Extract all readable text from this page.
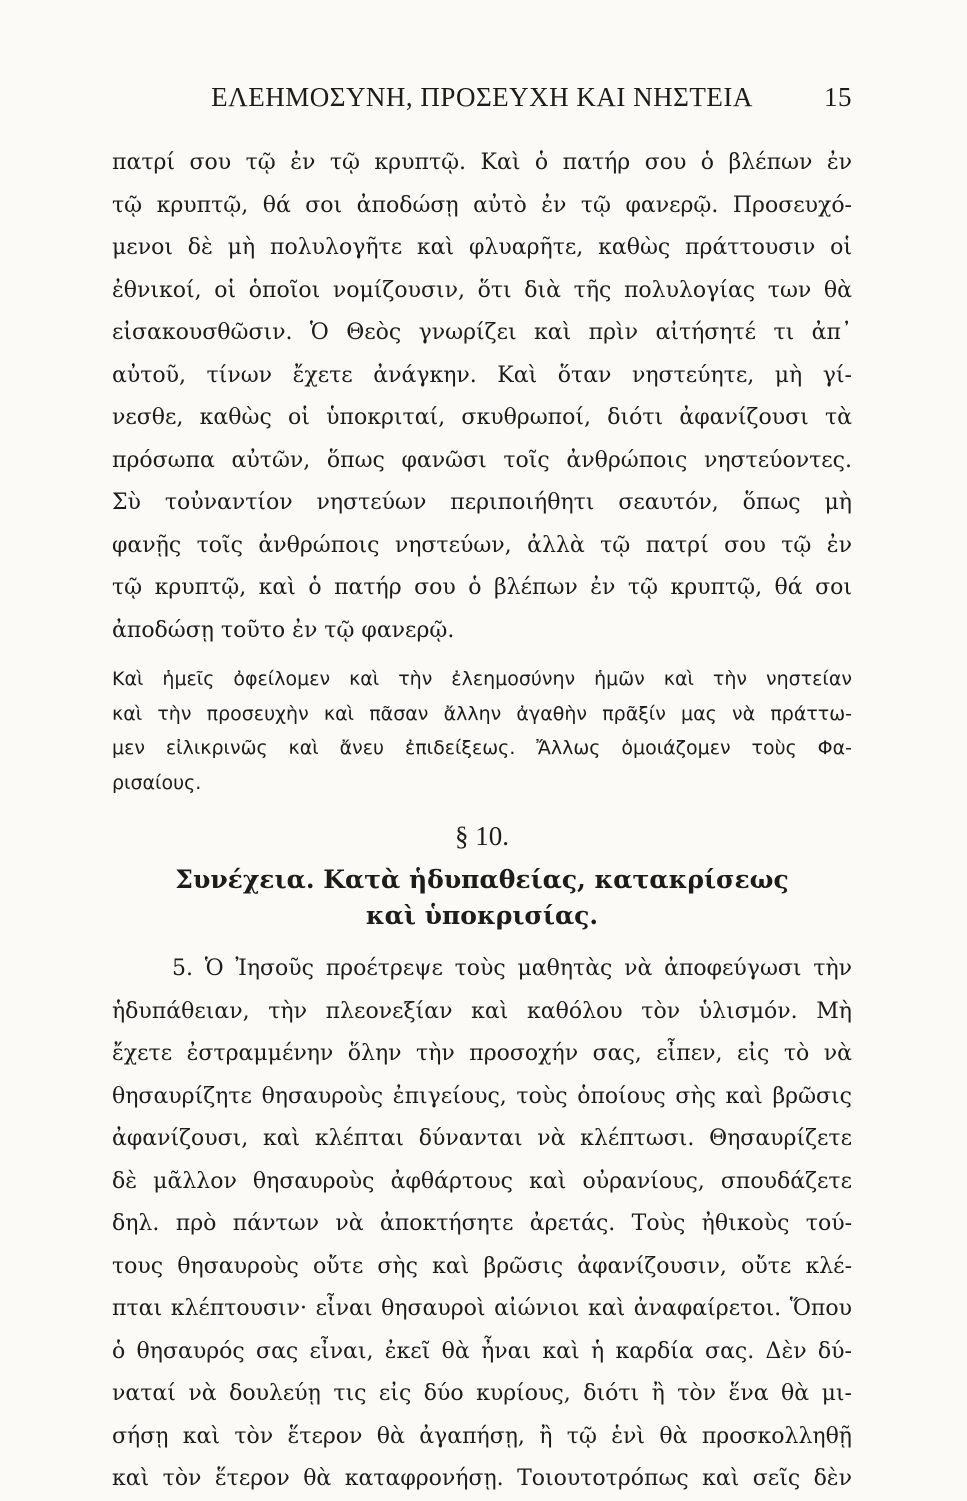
ΕΛΕΗΜΟΣΥΝΗ, ΠΡΟΣΕΥΧΗ ΚΑΙ ΝΗΣΤΕΙΑ	15
πατρί σου τῷ ἐν τῷ κρυπτῷ. Καὶ ὁ πατήρ σου ὁ βλέπων ἐν
τῷ κρυπτῷ, θά σοι ἀποδώσῃ αὐτὸ ἐν τῷ φανερῷ. Προσευχό-
μενοι δὲ μὴ πολυλογῆτε καὶ φλυαρῆτε, καθὼς πράττουσιν οἱ
ἐθνικοί, οἱ ὁποῖοι νομίζουσιν, ὅτι διὰ τῆς πολυλογίας των θὰ
εἰσακουσθῶσιν. Ὁ Θεὸς γνωρίζει καὶ πρὶν αἰτήσητέ τι ἀπ᾽
αὐτοῦ, τίνων ἔχετε ἀνάγκην. Καὶ ὅταν νηστεύητε, μὴ γί-
νεσθε, καθὼς οἱ ὑποκριταί, σκυθρωποί, διότι ἀφανίζουσι τὰ
πρόσωπα αὐτῶν, ὅπως φανῶσι τοῖς ἀνθρώποις νηστεύοντες.
Σὺ τοὐναντίον νηστεύων περιποιήθητι σεαυτόν, ὅπως μὴ
φανῇς τοῖς ἀνθρώποις νηστεύων, ἀλλὰ τῷ πατρί σου τῷ ἐν
τῷ κρυπτῷ, καὶ ὁ πατήρ σου ὁ βλέπων ἐν τῷ κρυπτῷ, θά σοι
ἀποδώσῃ τοῦτο ἐν τῷ φανερῷ.
Καὶ ἡμεῖς ὀφείλομεν καὶ τὴν ἐλεημοσύνην ἡμῶν καὶ τὴν νηστείαν
καὶ τὴν προσευχὴν καὶ πᾶσαν ἄλλην ἀγαθὴν πρᾶξίν μας νὰ πράττω-
μεν εἰλικρινῶς καὶ ἄνευ ἐπιδείξεως. Ἄλλως ὁμοιάζομεν τοὺς Φα-
ρισαίους.
§ 10.
Συνέχεια. Κατὰ ἡδυπαθείας, κατακρίσεως
καὶ ὑποκρισίας.
5. Ὁ Ἰησοῦς προέτρεψε τοὺς μαθητὰς νὰ ἀποφεύγωσι τὴν
ἡδυπάθειαν, τὴν πλεονεξίαν καὶ καθόλου τὸν ὑλισμόν. Μὴ
ἔχετε ἐστραμμένην ὅλην τὴν προσοχήν σας, εἶπεν, εἰς τὸ νὰ
θησαυρίζητε θησαυροὺς ἐπιγείους, τοὺς ὁποίους σὴς καὶ βρῶσις
ἀφανίζουσι, καὶ κλέπται δύνανται νὰ κλέπτωσι. Θησαυρίζετε
δὲ μᾶλλον θησαυροὺς ἀφθάρτους καὶ οὐρανίους, σπουδάζετε
δηλ. πρὸ πάντων νὰ ἀποκτήσητε ἀρετάς. Τοὺς ἠθικοὺς τού-
τους θησαυροὺς οὔτε σὴς καὶ βρῶσις ἀφανίζουσιν, οὔτε κλέ-
πται κλέπτουσιν· εἶναι θησαυροὶ αἰώνιοι καὶ ἀναφαίρετοι. Ὅπου
ὁ θησαυρός σας εἶναι, ἐκεῖ θὰ ἦναι καὶ ἡ καρδία σας. Δὲν δύ-
ναταί νὰ δουλεύῃ τις εἰς δύο κυρίους, διότι ἢ τὸν ἕνα θὰ μι-
σήσῃ καὶ τὸν ἕτερον θὰ ἀγαπήσῃ, ἢ τῷ ἑνὶ θὰ προσκολληθῇ
καὶ τὸν ἕτερον θὰ καταφρονήσῃ. Τοιουτοτρόπως καὶ σεῖς δὲν
